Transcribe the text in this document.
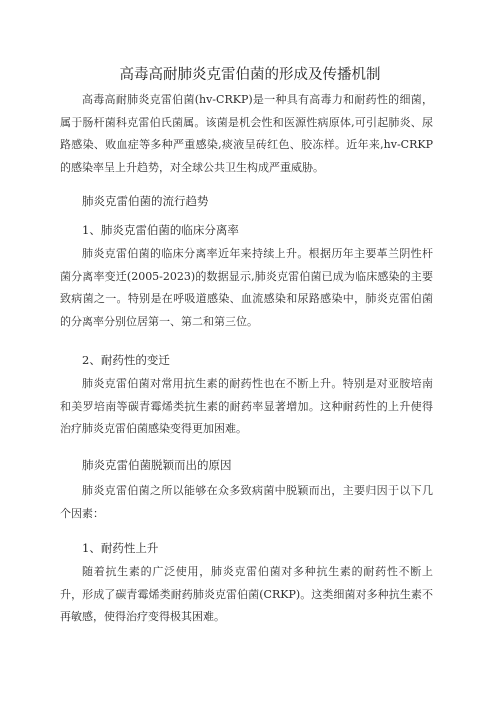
高毒高耐肺炎克雷伯菌的形成及传播机制

高毒高耐肺炎克雷伯菌(hv-CRKP)是一种具有高毒力和耐药性的细菌，属于肠杆菌科克雷伯氏菌属。该菌是机会性和医源性病原体,可引起肺炎、尿路感染、败血症等多种严重感染,痰液呈砖红色、胶冻样。近年来,hv-CRKP的感染率呈上升趋势，对全球公共卫生构成严重威胁。

肺炎克雷伯菌的流行趋势
1、肺炎克雷伯菌的临床分离率

肺炎克雷伯菌的临床分离率近年来持续上升。根据历年主要革兰阴性杆菌分离率变迁(2005-2023)的数据显示,肺炎克雷伯菌已成为临床感染的主要致病菌之一。特别是在呼吸道感染、血流感染和尿路感染中，肺炎克雷伯菌的分离率分别位居第一、第二和第三位。

2、耐药性的变迁

肺炎克雷伯菌对常用抗生素的耐药性也在不断上升。特别是对亚胺培南和美罗培南等碳青霉烯类抗生素的耐药率显著增加。这种耐药性的上升使得治疗肺炎克雷伯菌感染变得更加困难。

肺炎克雷伯菌脱颖而出的原因

肺炎克雷伯菌之所以能够在众多致病菌中脱颖而出，主要归因于以下几个因素：

1、耐药性上升

随着抗生素的广泛使用，肺炎克雷伯菌对多种抗生素的耐药性不断上升，形成了碳青霉烯类耐药肺炎克雷伯菌(CRKP)。这类细菌对多种抗生素不再敏感，使得治疗变得极其困难。
